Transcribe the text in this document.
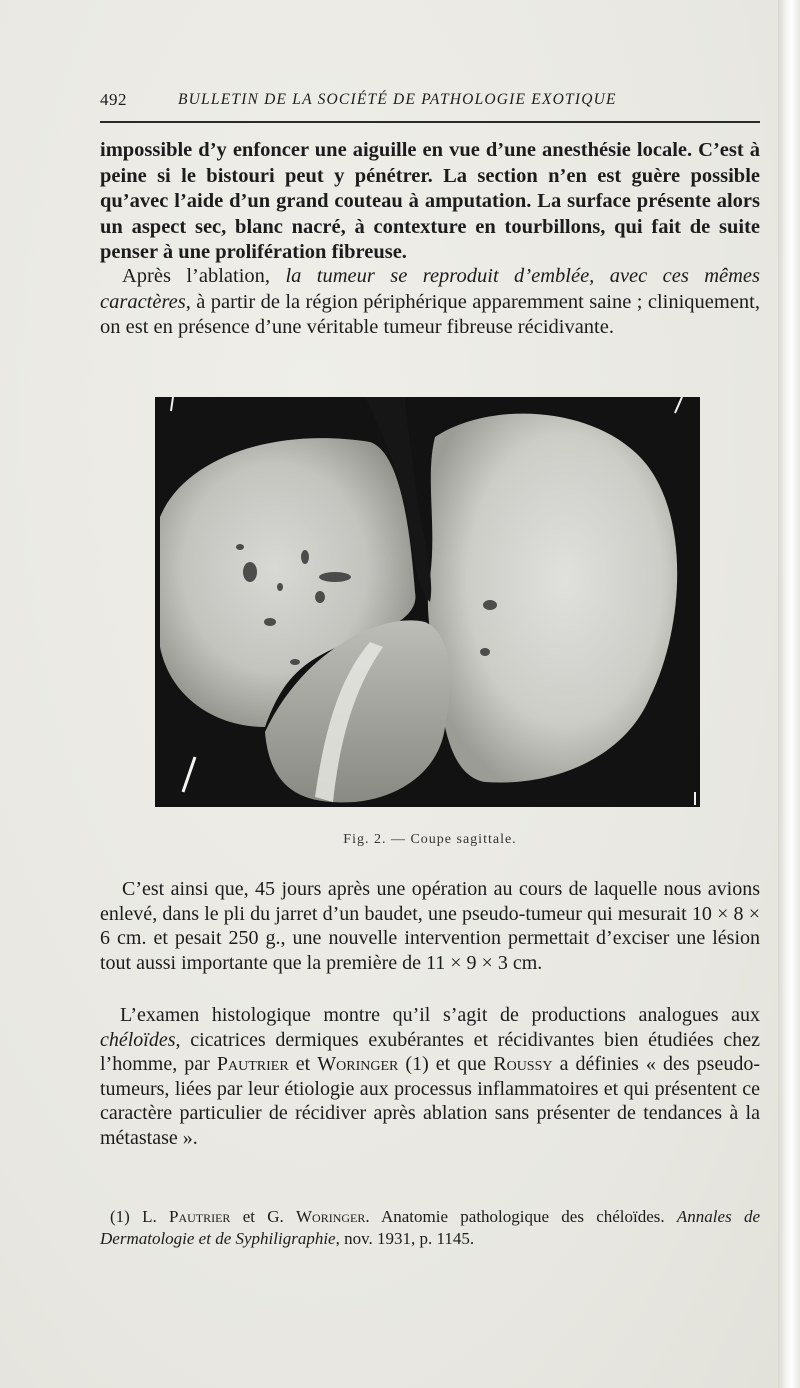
492	BULLETIN DE LA SOCIÉTÉ DE PATHOLOGIE EXOTIQUE

impossible d’y enfoncer une aiguille en vue d’une anesthésie locale. C’est à peine si le bistouri peut y pénétrer. La section n’en est guère possible qu’avec l’aide d’un grand couteau à amputation. La surface présente alors un aspect sec, blanc nacré, à contexture en tourbillons, qui fait de suite penser à une prolifération fibreuse.

Après l’ablation, la tumeur se reproduit d’emblée, avec ces mêmes caractères, à partir de la région périphérique apparemment saine ; cliniquement, on est en présence d’une véritable tumeur fibreuse récidivante.

Fig. 2. — Coupe sagittale.

C’est ainsi que, 45 jours après une opération au cours de laquelle nous avions enlevé, dans le pli du jarret d’un baudet, une pseudo-tumeur qui mesurait 10 × 8 × 6 cm. et pesait 250 g., une nouvelle intervention permettait d’exciser une lésion tout aussi importante que la première de 11 × 9 × 3 cm.

L’examen histologique montre qu’il s’agit de productions analogues aux chéloïdes, cicatrices dermiques exubérantes et récidivantes bien étudiées chez l’homme, par Pautrier et Woringer (1) et que Roussy a définies « des pseudo-tumeurs, liées par leur étiologie aux processus inflammatoires et qui présentent ce caractère particulier de récidiver après ablation sans présenter de tendances à la métastase ».

(1) L. Pautrier et G. Woringer. Anatomie pathologique des chéloïdes. Annales de Dermatologie et de Syphiligraphie, nov. 1931, p. 1145.
